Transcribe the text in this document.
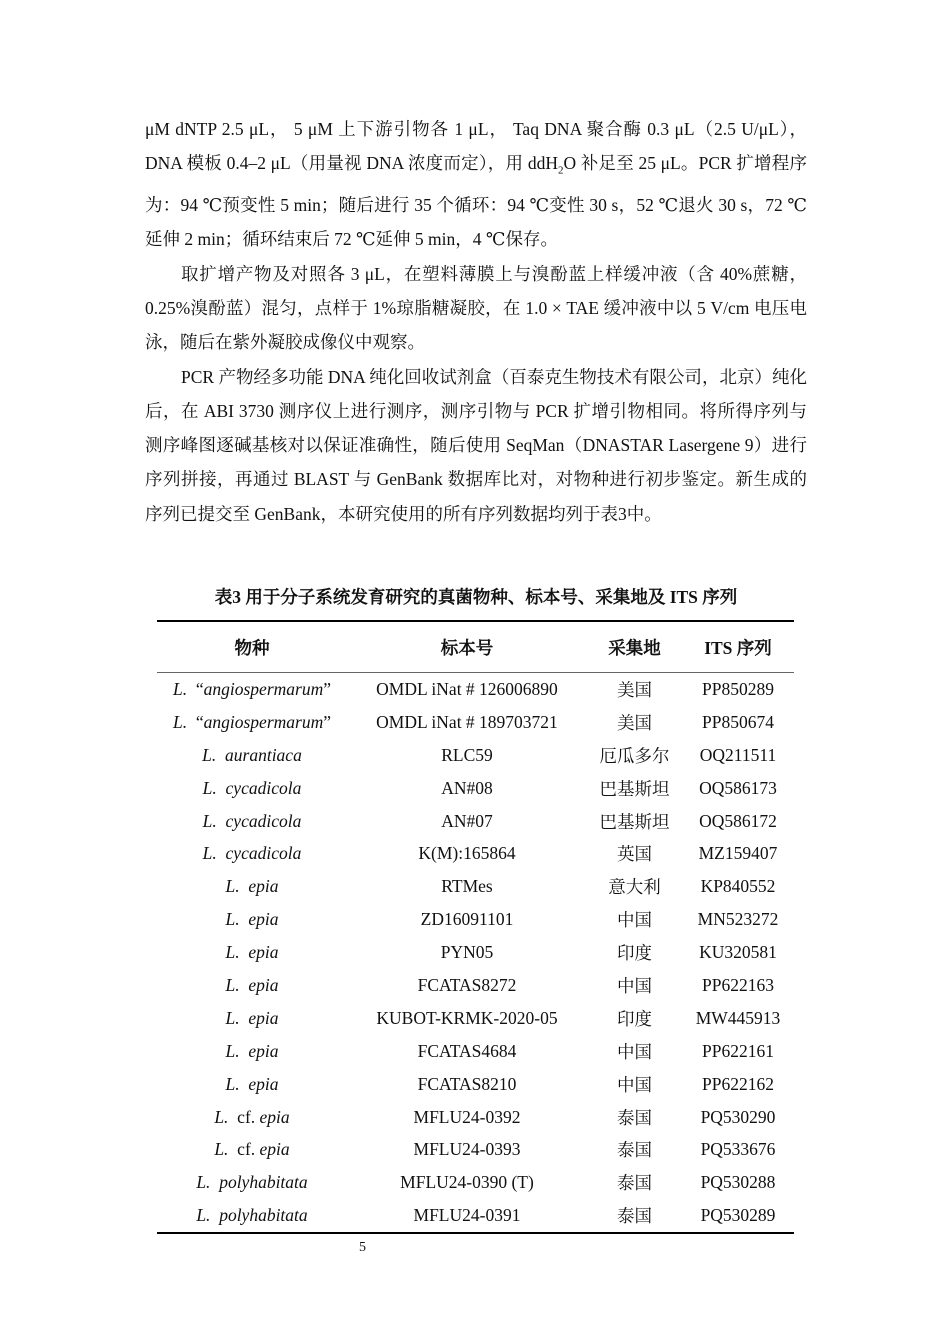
μM dNTP 2.5 μL， 5 μM 上下游引物各 1 μL， Taq DNA 聚合酶 0.3 μL（2.5 U/μL）， DNA 模板 0.4–2 μL（用量视 DNA 浓度而定），用 ddH$_2$O 补足至 25 μL。PCR 扩增程序为：94 ℃预变性 5 min；随后进行 35 个循环：94 ℃变性 30 s，52 ℃退火 30 s，72 ℃延伸 2 min；循环结束后 72 ℃延伸 5 min，4 ℃保存。

取扩增产物及对照各 3 μL，在塑料薄膜上与溴酚蓝上样缓冲液（含 40%蔗糖，0.25%溴酚蓝）混匀，点样于 1%琼脂糖凝胶，在 1.0 × TAE 缓冲液中以 5 V/cm 电压电泳，随后在紫外凝胶成像仪中观察。

PCR 产物经多功能 DNA 纯化回收试剂盒（百泰克生物技术有限公司，北京）纯化后，在 ABI 3730 测序仪上进行测序，测序引物与 PCR 扩增引物相同。将所得序列与测序峰图逐碱基核对以保证准确性，随后使用 SeqMan（DNASTAR Lasergene 9）进行序列拼接，再通过 BLAST 与 GenBank 数据库比对，对物种进行初步鉴定。新生成的序列已提交至 GenBank，本研究使用的所有序列数据均列于表3中。

表3 用于分子系统发育研究的真菌物种、标本号、采集地及 ITS 序列
物种	标本号	采集地	ITS 序列
L. “angiospermarum”	OMDL iNat # 126006890	美国	PP850289
L. “angiospermarum”	OMDL iNat # 189703721	美国	PP850674
L. aurantiaca	RLC59	厄瓜多尔	OQ211511
L. cycadicola	AN#08	巴基斯坦	OQ586173
L. cycadicola	AN#07	巴基斯坦	OQ586172
L. cycadicola	K(M):165864	英国	MZ159407
L. epia	RTMes	意大利	KP840552
L. epia	ZD16091101	中国	MN523272
L. epia	PYN05	印度	KU320581
L. epia	FCATAS8272	中国	PP622163
L. epia	KUBOT-KRMK-2020-05	印度	MW445913
L. epia	FCATAS4684	中国	PP622161
L. epia	FCATAS8210	中国	PP622162
L. cf. epia	MFLU24-0392	泰国	PQ530290
L. cf. epia	MFLU24-0393	泰国	PQ533676
L. polyhabitata	MFLU24-0390 (T)	泰国	PQ530288
L. polyhabitata	MFLU24-0391	泰国	PQ530289
5
